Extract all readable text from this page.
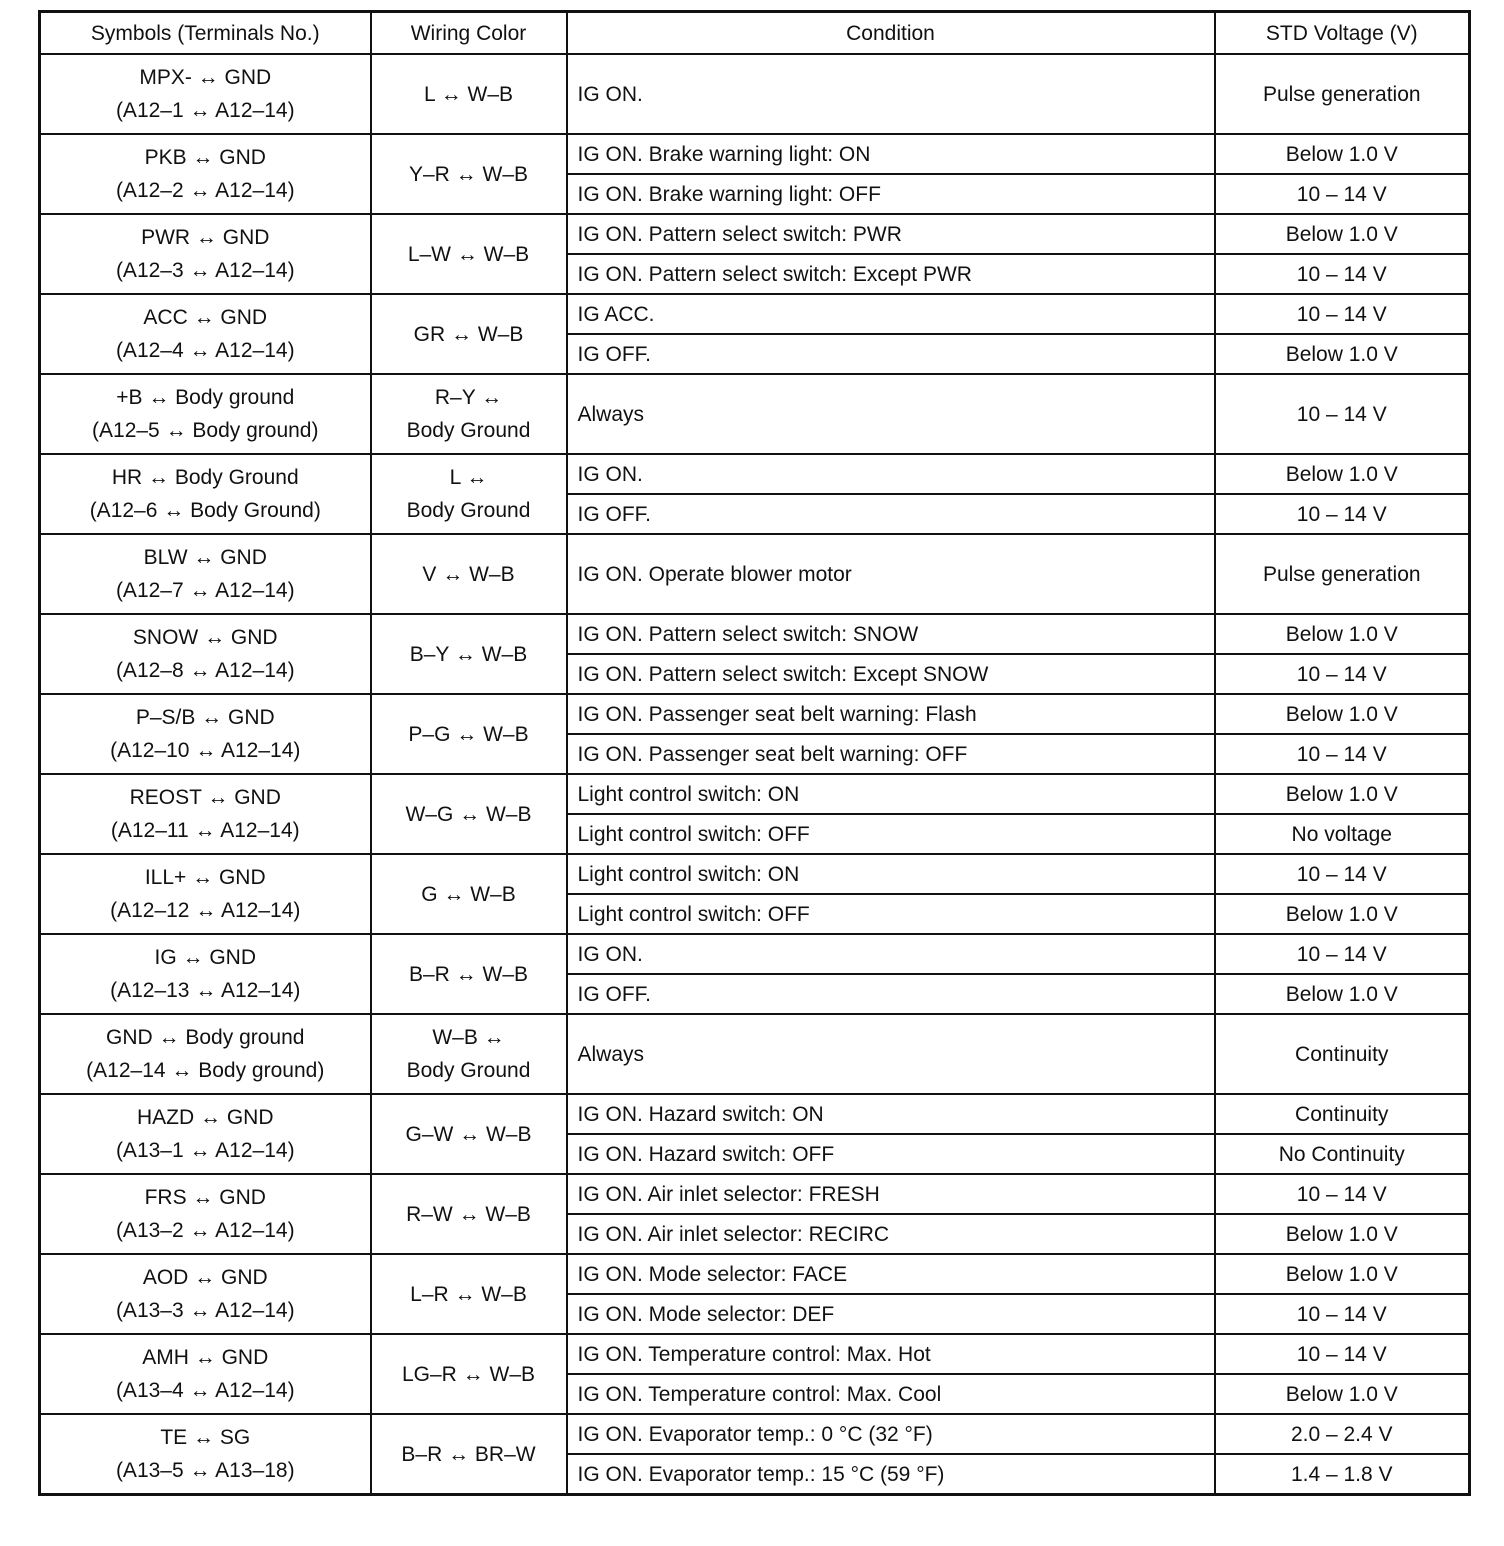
Symbols (Terminals No.)	Wiring Color	Condition	STD Voltage (V)

MPX- ↔ GND
(A12–1 ↔ A12–14)	L ↔ W–B	IG ON.	Pulse generation

PKB ↔ GND
(A12–2 ↔ A12–14)	Y–R ↔ W–B	IG ON. Brake warning light: ON	Below 1.0 V
		IG ON. Brake warning light: OFF	10 – 14 V

PWR ↔ GND
(A12–3 ↔ A12–14)	L–W ↔ W–B	IG ON. Pattern select switch: PWR	Below 1.0 V
		IG ON. Pattern select switch: Except PWR	10 – 14 V

ACC ↔ GND
(A12–4 ↔ A12–14)	GR ↔ W–B	IG ACC.	10 – 14 V
		IG OFF.	Below 1.0 V

+B ↔ Body ground
(A12–5 ↔ Body ground)	R–Y ↔
Body Ground	Always	10 – 14 V

HR ↔ Body Ground
(A12–6 ↔ Body Ground)	L ↔
Body Ground	IG ON.	Below 1.0 V
		IG OFF.	10 – 14 V

BLW ↔ GND
(A12–7 ↔ A12–14)	V ↔ W–B	IG ON. Operate blower motor	Pulse generation

SNOW ↔ GND
(A12–8 ↔ A12–14)	B–Y ↔ W–B	IG ON. Pattern select switch: SNOW	Below 1.0 V
		IG ON. Pattern select switch: Except SNOW	10 – 14 V

P–S/B ↔ GND
(A12–10 ↔ A12–14)	P–G ↔ W–B	IG ON. Passenger seat belt warning: Flash	Below 1.0 V
		IG ON. Passenger seat belt warning: OFF	10 – 14 V

REOST ↔ GND
(A12–11 ↔ A12–14)	W–G ↔ W–B	Light control switch: ON	Below 1.0 V
		Light control switch: OFF	No voltage

ILL+ ↔ GND
(A12–12 ↔ A12–14)	G ↔ W–B	Light control switch: ON	10 – 14 V
		Light control switch: OFF	Below 1.0 V

IG ↔ GND
(A12–13 ↔ A12–14)	B–R ↔ W–B	IG ON.	10 – 14 V
		IG OFF.	Below 1.0 V

GND ↔ Body ground
(A12–14 ↔ Body ground)	W–B ↔
Body Ground	Always	Continuity

HAZD ↔ GND
(A13–1 ↔ A12–14)	G–W ↔ W–B	IG ON. Hazard switch: ON	Continuity
		IG ON. Hazard switch: OFF	No Continuity

FRS ↔ GND
(A13–2 ↔ A12–14)	R–W ↔ W–B	IG ON. Air inlet selector: FRESH	10 – 14 V
		IG ON. Air inlet selector: RECIRC	Below 1.0 V

AOD ↔ GND
(A13–3 ↔ A12–14)	L–R ↔ W–B	IG ON. Mode selector: FACE	Below 1.0 V
		IG ON. Mode selector: DEF	10 – 14 V

AMH ↔ GND
(A13–4 ↔ A12–14)	LG–R ↔ W–B	IG ON. Temperature control: Max. Hot	10 – 14 V
		IG ON. Temperature control: Max. Cool	Below 1.0 V

TE ↔ SG
(A13–5 ↔ A13–18)	B–R ↔ BR–W	IG ON. Evaporator temp.: 0 °C (32 °F)	2.0 – 2.4 V
		IG ON. Evaporator temp.: 15 °C (59 °F)	1.4 – 1.8 V
